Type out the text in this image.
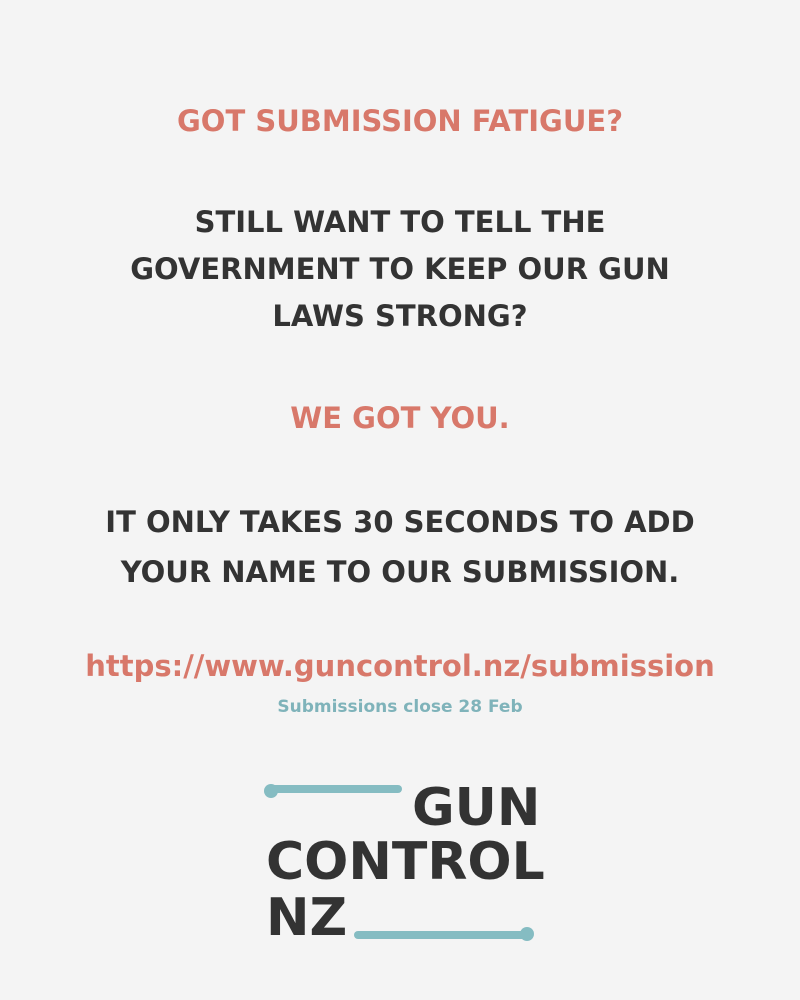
GOT SUBMISSION FATIGUE?
STILL WANT TO TELL THE
GOVERNMENT TO KEEP OUR GUN
LAWS STRONG?
WE GOT YOU.
IT ONLY TAKES 30 SECONDS TO ADD
YOUR NAME TO OUR SUBMISSION.
https://www.guncontrol.nz/submission
Submissions close 28 Feb

GUN

CONTROL

NZ
